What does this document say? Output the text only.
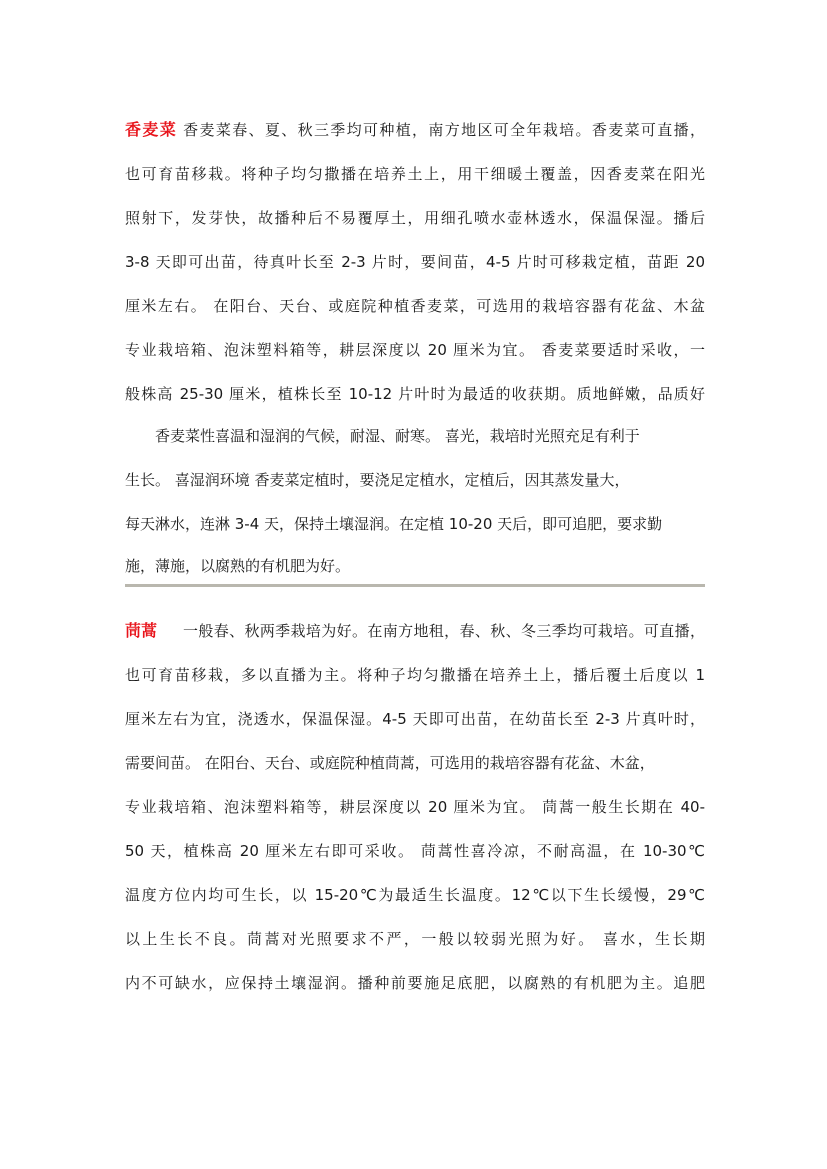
香麦菜 香麦菜春、夏、秋三季均可种植，南方地区可全年栽培。香麦菜可直播，
也可育苗移栽。将种子均匀撒播在培养土上，用干细暖土覆盖，因香麦菜在阳光
照射下，发芽快，故播种后不易覆厚土，用细孔喷水壶林透水，保温保湿。播后
3-8 天即可出苗，待真叶长至 2-3 片时，要间苗，4-5 片时可移栽定植，苗距 20
厘米左右。 在阳台、天台、或庭院种植香麦菜，可选用的栽培容器有花盆、木盆
专业栽培箱、泡沫塑料箱等，耕层深度以 20 厘米为宜。 香麦菜要适时采收，一
般株高 25-30 厘米，植株长至 10-12 片叶时为最适的收获期。质地鲜嫩，品质好
香麦菜性喜温和湿润的气候，耐湿、耐寒。 喜光，栽培时光照充足有利于
生长。 喜湿润环境 香麦菜定植时，要浇足定植水，定植后，因其蒸发量大，
每天淋水，连淋 3-4 天，保持土壤湿润。在定植 10-20 天后，即可追肥，要求勤
施，薄施，以腐熟的有机肥为好。
茼蒿 一般春、秋两季栽培为好。在南方地租，春、秋、冬三季均可栽培。可直播，
也可育苗移栽，多以直播为主。将种子均匀撒播在培养土上，播后覆土后度以 1
厘米左右为宜，浇透水，保温保湿。4-5 天即可出苗，在幼苗长至 2-3 片真叶时，
需要间苗。 在阳台、天台、或庭院种植茼蒿，可选用的栽培容器有花盆、木盆，
专业栽培箱、泡沫塑料箱等，耕层深度以 20 厘米为宜。 茼蒿一般生长期在 40-
50 天，植株高 20 厘米左右即可采收。 茼蒿性喜冷凉，不耐高温，在 10-30℃
温度方位内均可生长，以 15-20℃为最适生长温度。12℃以下生长缓慢，29℃
以上生长不良。茼蒿对光照要求不严，一般以较弱光照为好。 喜水，生长期
内不可缺水，应保持土壤湿润。播种前要施足底肥，以腐熟的有机肥为主。追肥
